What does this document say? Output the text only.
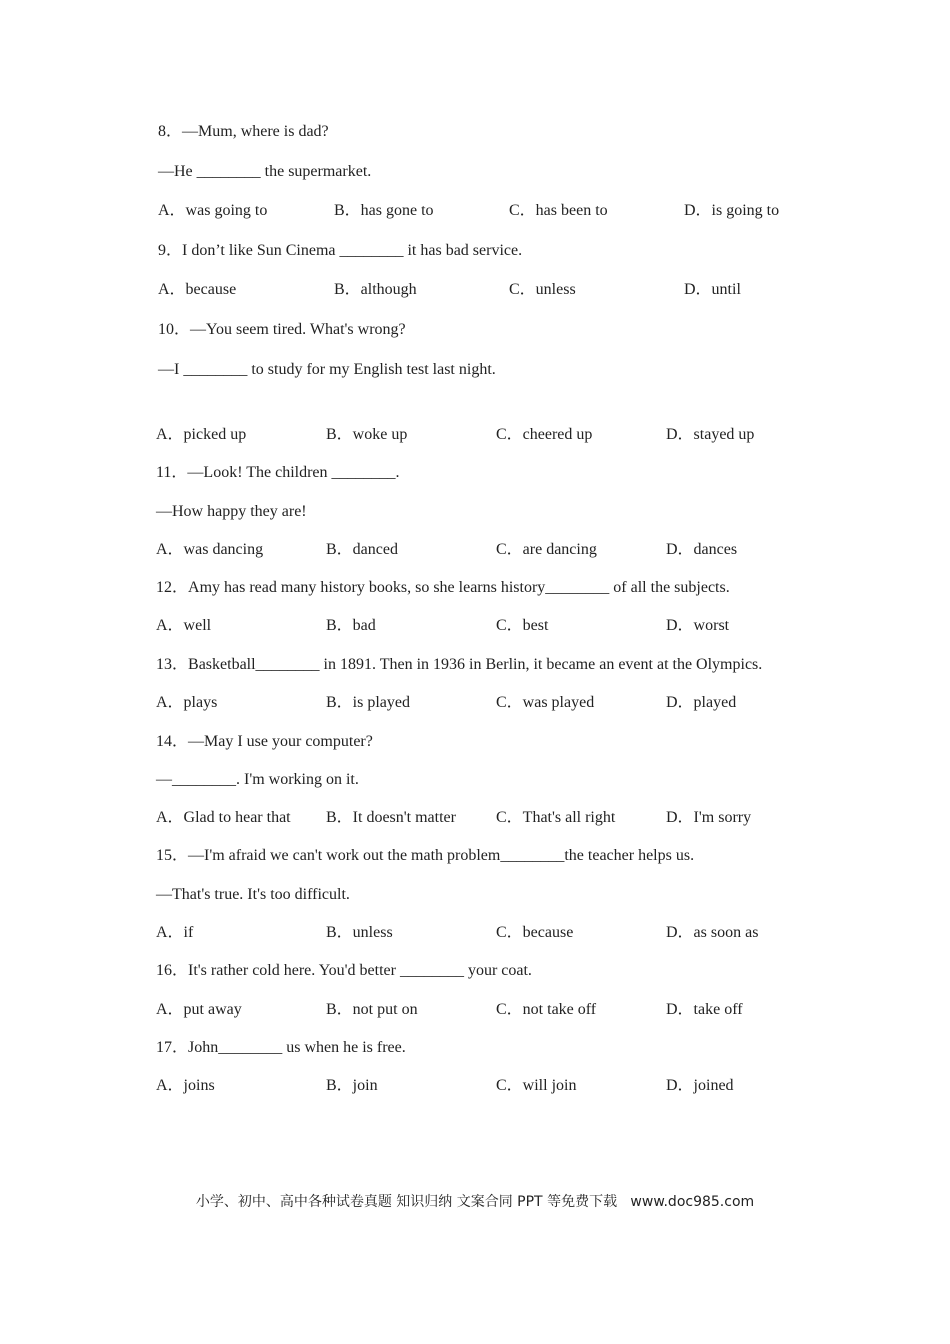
8．—Mum, where is dad?
—He ________ the supermarket.
A．was going to	B．has gone to	C．has been to	D．is going to
9．I don’t like Sun Cinema ________ it has bad service.
A．because	B．although	C．unless	D．until
10．—You seem tired. What's wrong?
—I ________ to study for my English test last night.
A．picked up	B．woke up	C．cheered up	D．stayed up
11．—Look! The children ________.
—How happy they are!
A．was dancing	B．danced	C．are dancing	D．dances
12．Amy has read many history books, so she learns history________ of all the subjects.
A．well	B．bad	C．best	D．worst
13．Basketball________ in 1891. Then in 1936 in Berlin, it became an event at the Olympics.
A．plays	B．is played	C．was played	D．played
14．—May I use your computer?
—________. I'm working on it.
A．Glad to hear that B．It doesn't matter	C．That's all right	D．I'm sorry
15．—I'm afraid we can't work out the math problem________the teacher helps us.
—That's true. It's too difficult.
A．if	B．unless	C．because	D．as soon as
16．It's rather cold here. You'd better ________ your coat.
A．put away	B．not put on	C．not take off	D．take off
17．John________ us when he is free.
A．joins	B．join	C．will join	D．joined
小学、初中、高中各种试卷真题 知识归纳 文案合同 PPT 等免费下载   www.doc985.com
